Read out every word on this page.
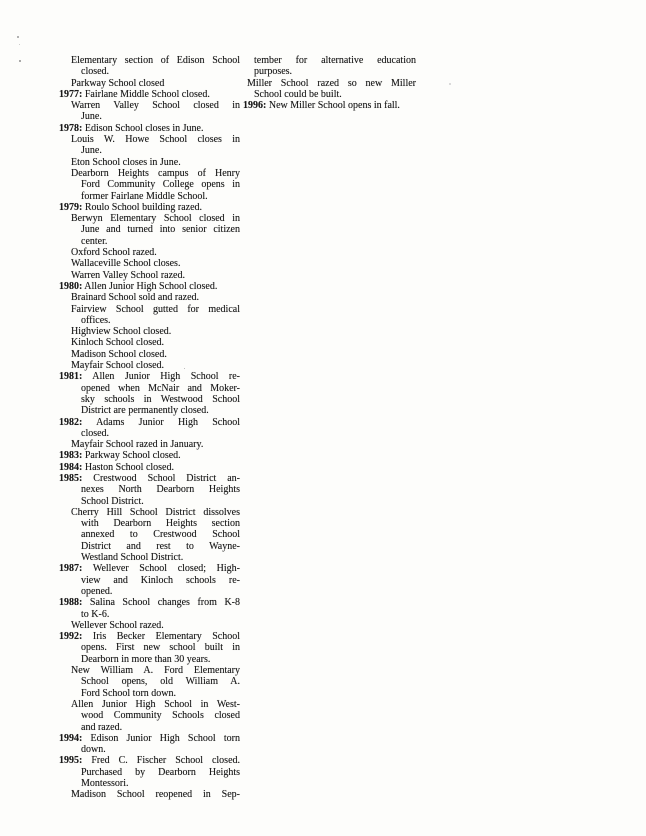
Elementary section of Edison School
closed.
Parkway School closed
1977: Fairlane Middle School closed.
Warren Valley School closed in
June.
1978: Edison School closes in June.
Louis W. Howe School closes in
June.
Eton School closes in June.
Dearborn Heights campus of Henry
Ford Community College opens in
former Fairlane Middle School.
1979: Roulo School building razed.
Berwyn Elementary School closed in
June and turned into senior citizen
center.
Oxford School razed.
Wallaceville School closes.
Warren Valley School razed.
1980: Allen Junior High School closed.
Brainard School sold and razed.
Fairview School gutted for medical
offices.
Highview School closed.
Kinloch School closed.
Madison School closed.
Mayfair School closed.
1981: Allen Junior High School re-
opened when McNair and Moker-
sky schools in Westwood School
District are permanently closed.
1982: Adams Junior High School
closed.
Mayfair School razed in January.
1983: Parkway School closed.
1984: Haston School closed.
1985: Crestwood School District an-
nexes North Dearborn Heights
School District.
Cherry Hill School District dissolves
with Dearborn Heights section
annexed to Crestwood School
District and rest to Wayne-
Westland School District.
1987: Wellever School closed; High-
view and Kinloch schools re-
opened.
1988: Salina School changes from K-8
to K-6.
Wellever School razed.
1992: Iris Becker Elementary School
opens. First new school built in
Dearborn in more than 30 years.
New William A. Ford Elementary
School opens, old William A.
Ford School torn down.
Allen Junior High School in West-
wood Community Schools closed
and razed.
1994: Edison Junior High School torn
down.
1995: Fred C. Fischer School closed.
Purchased by Dearborn Heights
Montessori.
Madison School reopened in Sep-
tember for alternative education
purposes.
Miller School razed so new Miller
School could be built.
1996: New Miller School opens in fall.
